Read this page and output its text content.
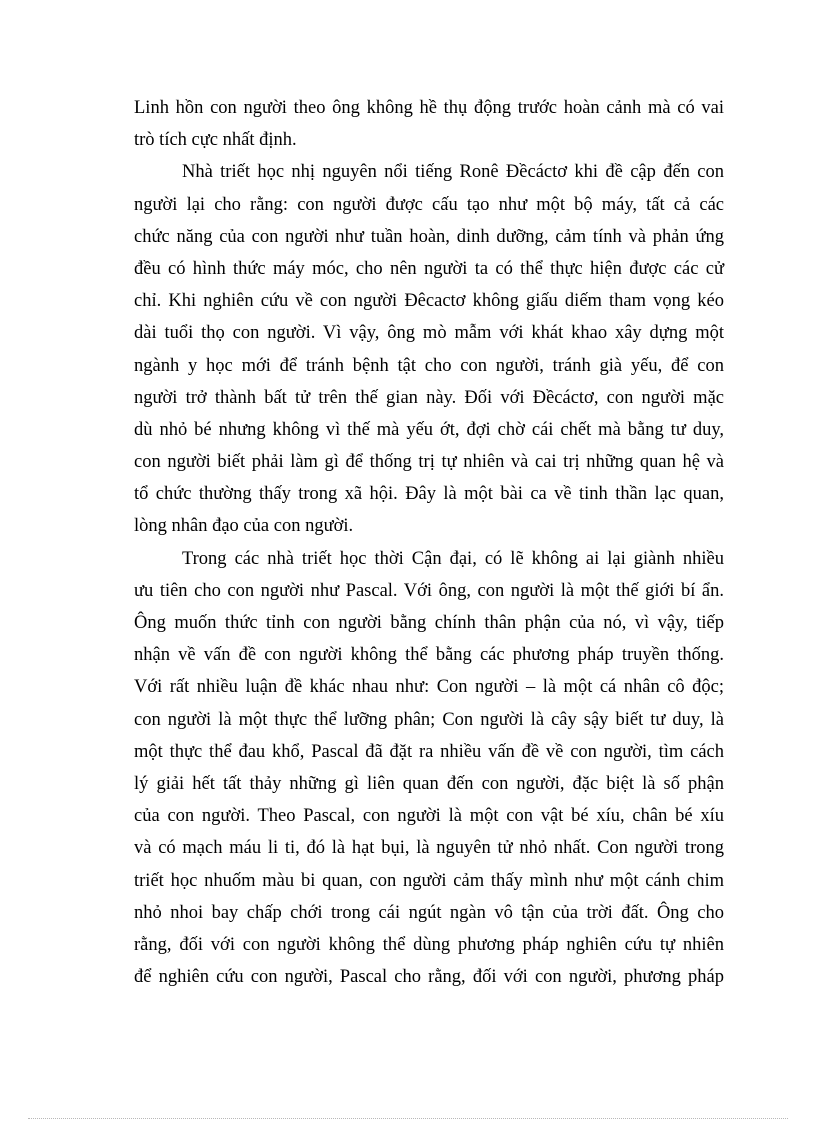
Linh hồn con người theo ông không hề thụ động trước hoàn cảnh mà có vai
trò tích cực nhất định.
Nhà triết học nhị nguyên nổi tiếng Ronê Đềcáctơ khi đề cập đến con
người lại cho rằng: con người được cấu tạo như một bộ máy, tất cả các
chức năng của con người như tuần hoàn, dinh dưỡng, cảm tính và phản ứng
đều có hình thức máy móc, cho nên người ta có thể thực hiện được các cử
chỉ. Khi nghiên cứu về con người Đêcactơ không giấu diếm tham vọng kéo
dài tuổi thọ con người. Vì vậy, ông mò mẫm với khát khao xây dựng một
ngành y học mới để tránh bệnh tật cho con người, tránh già yếu, để con
người trở thành bất tử trên thế gian này. Đối với Đềcáctơ, con người mặc
dù nhỏ bé nhưng không vì thế mà yếu ớt, đợi chờ cái chết mà bằng tư duy,
con người biết phải làm gì để thống trị tự nhiên và cai trị những quan hệ và
tổ chức thường thấy trong xã hội. Đây là một bài ca về tinh thần lạc quan,
lòng nhân đạo của con người.
Trong các nhà triết học thời Cận đại, có lẽ không ai lại giành nhiều
ưu tiên cho con người như Pascal. Với ông, con người là một thế giới bí ẩn.
Ông muốn thức tỉnh con người bằng chính thân phận của nó, vì vậy, tiếp
nhận về vấn đề con người không thể bằng các phương pháp truyền thống.
Với rất nhiều luận đề khác nhau như: Con người – là một cá nhân cô độc;
con người là một thực thể lưỡng phân; Con người là cây sậy biết tư duy, là
một thực thể đau khổ, Pascal đã đặt ra nhiều vấn đề về con người, tìm cách
lý giải hết tất thảy những gì liên quan đến con người, đặc biệt là số phận
của con người. Theo Pascal, con người là một con vật bé xíu, chân bé xíu
và có mạch máu li ti, đó là hạt bụi, là nguyên tử nhỏ nhất. Con người trong
triết học nhuốm màu bi quan, con người cảm thấy mình như một cánh chim
nhỏ nhoi bay chấp chới trong cái ngút ngàn vô tận của trời đất. Ông cho
rằng, đối với con người không thể dùng phương pháp nghiên cứu tự nhiên
để nghiên cứu con người, Pascal cho rằng, đối với con người, phương pháp
